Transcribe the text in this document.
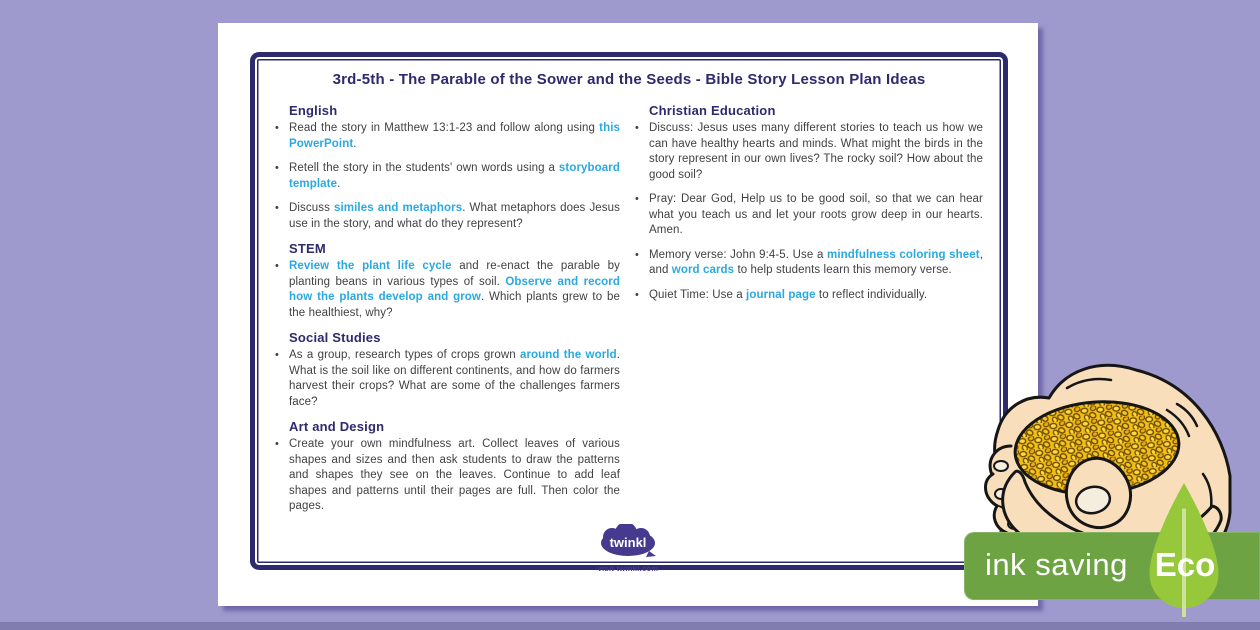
3rd-5th - The Parable of the Sower and the Seeds - Bible Story Lesson Plan Ideas
English
• Read the story in Matthew 13:1-23 and follow along using this PowerPoint.

• Retell the story in the students' own words using a storyboard template.

• Discuss similes and metaphors. What metaphors does Jesus use in the story, and what do they represent?

STEM
• Review the plant life cycle and re-enact the parable by planting beans in various types of soil. Observe and record how the plants develop and grow. Which plants grew to be the healthiest, why?

Social Studies
• As a group, research types of crops grown around the world. What is the soil like on different continents, and how do farmers harvest their crops? What are some of the challenges farmers face?

Art and Design
• Create your own mindfulness art. Collect leaves of various shapes and sizes and then ask students to draw the patterns and shapes they see on the leaves. Continue to add leaf shapes and patterns until their pages are full. Then color the pages.

Christian Education
• Discuss: Jesus uses many different stories to teach us how we can have healthy hearts and minds. What might the birds in the story represent in our own lives? The rocky soil? How about the good soil?

• Pray: Dear God, Help us to be good soil, so that we can hear what you teach us and let your roots grow deep in our hearts. Amen.

• Memory verse: John 9:4-5. Use a mindfulness coloring sheet, and word cards to help students learn this memory verse.

• Quiet Time: Use a journal page to reflect individually.

twinkl
visit twinkl.com	ink saving Eco
